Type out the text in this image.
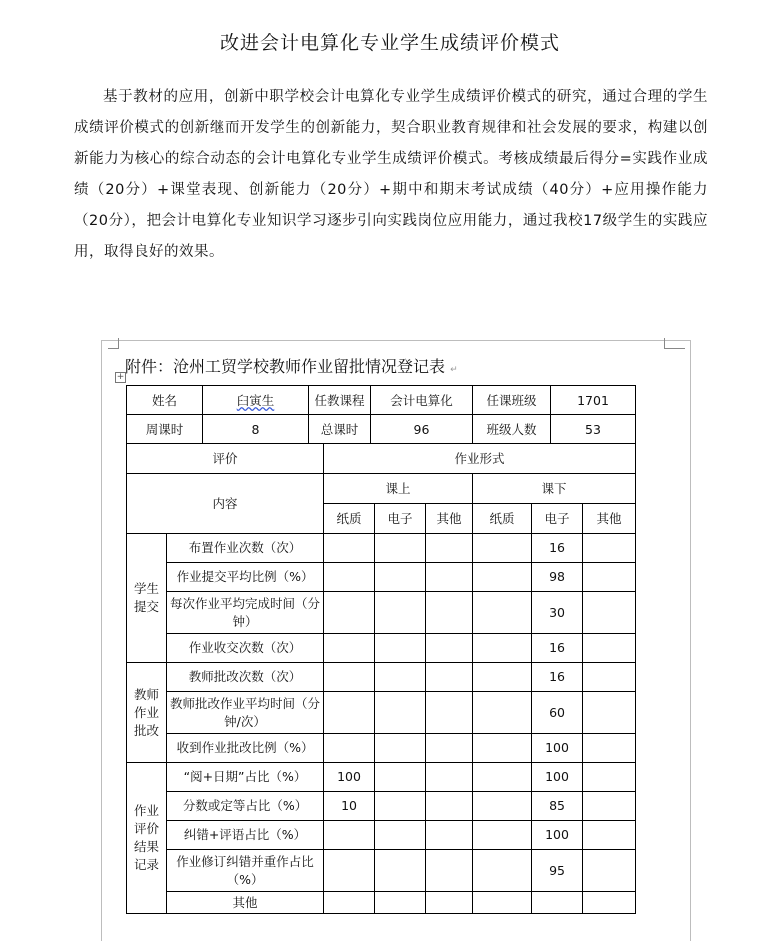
改进会计电算化专业学生成绩评价模式
基于教材的应用，创新中职学校会计电算化专业学生成绩评价模式的研究，通过合理的学生成绩评价模式的创新继而开发学生的创新能力，契合职业教育规律和社会发展的要求，构建以创新能力为核心的综合动态的会计电算化专业学生成绩评价模式。考核成绩最后得分=实践作业成绩（20分）+课堂表现、创新能力（20分）+期中和期末考试成绩（40分）+应用操作能力（20分），把会计电算化专业知识学习逐步引向实践岗位应用能力，通过我校17级学生的实践应用，取得良好的效果。
+
附件：沧州工贸学校教师作业留批情况登记表 ↵
姓名	臼寅生	任教课程	会计电算化	任课班级	1701
周课时	8	总课时	96	班级人数	53
评价		作业形式					
内容		课上			课下		
		纸质	电子	其他	纸质	电子	其他

学生
提交	布置作业次数（次）					16	
	作业提交平均比例（%）					98	
	每次作业平均完成时间（分钟）					30	
	作业收交次数（次）					16	

教师
作业
批改	教师批改次数（次）					16	
	教师批改作业平均时间（分钟/次）					60	
	收到作业批改比例（%）					100	

作业
评价
结果
记录	“阅+日期”占比（%）	100				100	
	分数或定等占比（%）	10				85	
	纠错+评语占比（%）					100	
	作业修订纠错并重作占比（%）					95	
	其他						
